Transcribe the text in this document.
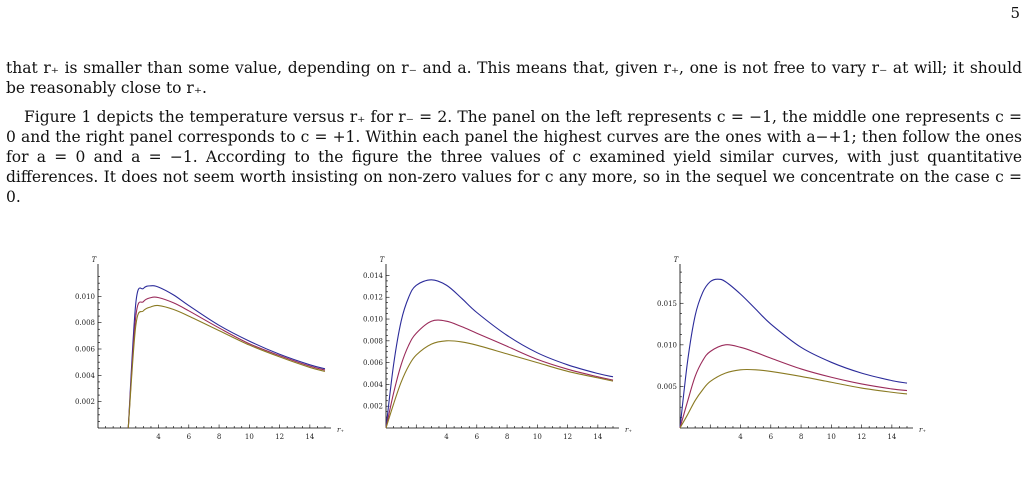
5

that r₊ is smaller than some value, depending on r₋ and a. This means that, given r₊, one is not free to vary r₋ at will; it should be reasonably close to r₊.

Figure 1 depicts the temperature versus r₊ for r₋ = 2. The panel on the left represents c = −1, the middle one represents c = 0 and the right panel corresponds to c = +1. Within each panel the highest curves are the ones with a−+1; then follow the ones for a = 0 and a = −1. According to the figure the three values of c examined yield similar curves, with just quantitative differences. It does not seem worth insisting on non-zero values for c any more, so in the sequel we concentrate on the case c = 0.

4	6	8	10	12	14
0.002
0.004
0.006
0.008
0.010
T
r₊
4	6	8	10	12	14
0.002
0.004
0.006
0.008
0.010
0.012
0.014
T
r₊
4	6	8	10	12	14
0.005
0.010
0.015
T
r₊
